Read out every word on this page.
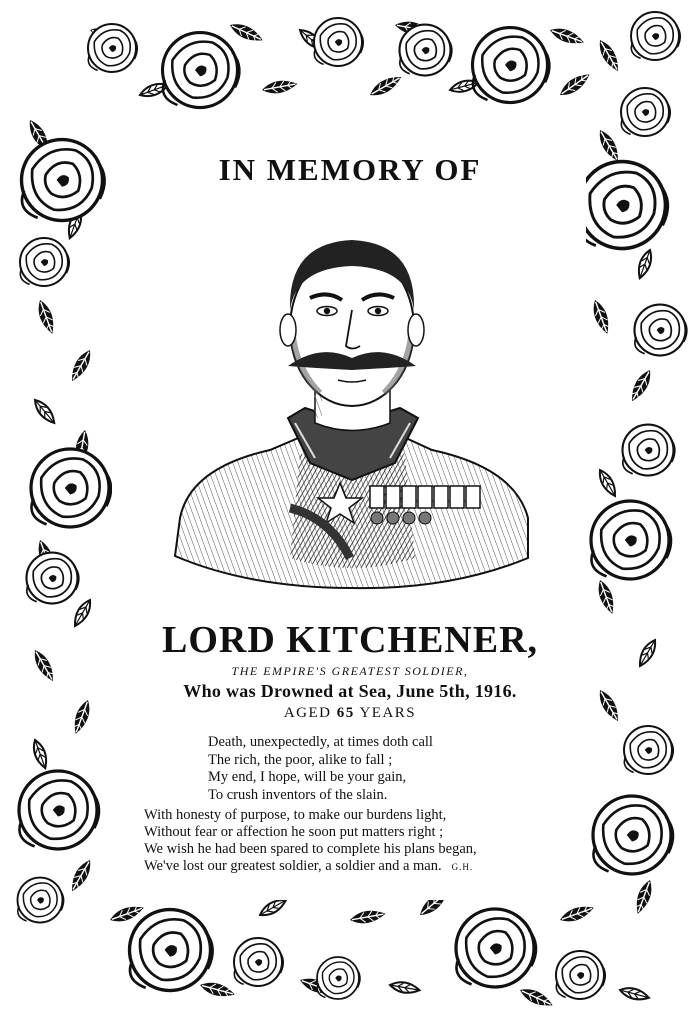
IN MEMORY OF
LORD KITCHENER,
THE EMPIRE'S GREATEST SOLDIER,
Who was Drowned at Sea, June 5th, 1916.
AGED 65 YEARS
Death, unexpectedly, at times doth call
The rich, the poor, alike to fall ;
My end, I hope, will be your gain,
To crush inventors of the slain.
With honesty of purpose, to make our burdens light,
Without fear or affection he soon put matters right ;
We wish he had been spared to complete his plans began,
We've lost our greatest soldier, a soldier and a man. G.H.
